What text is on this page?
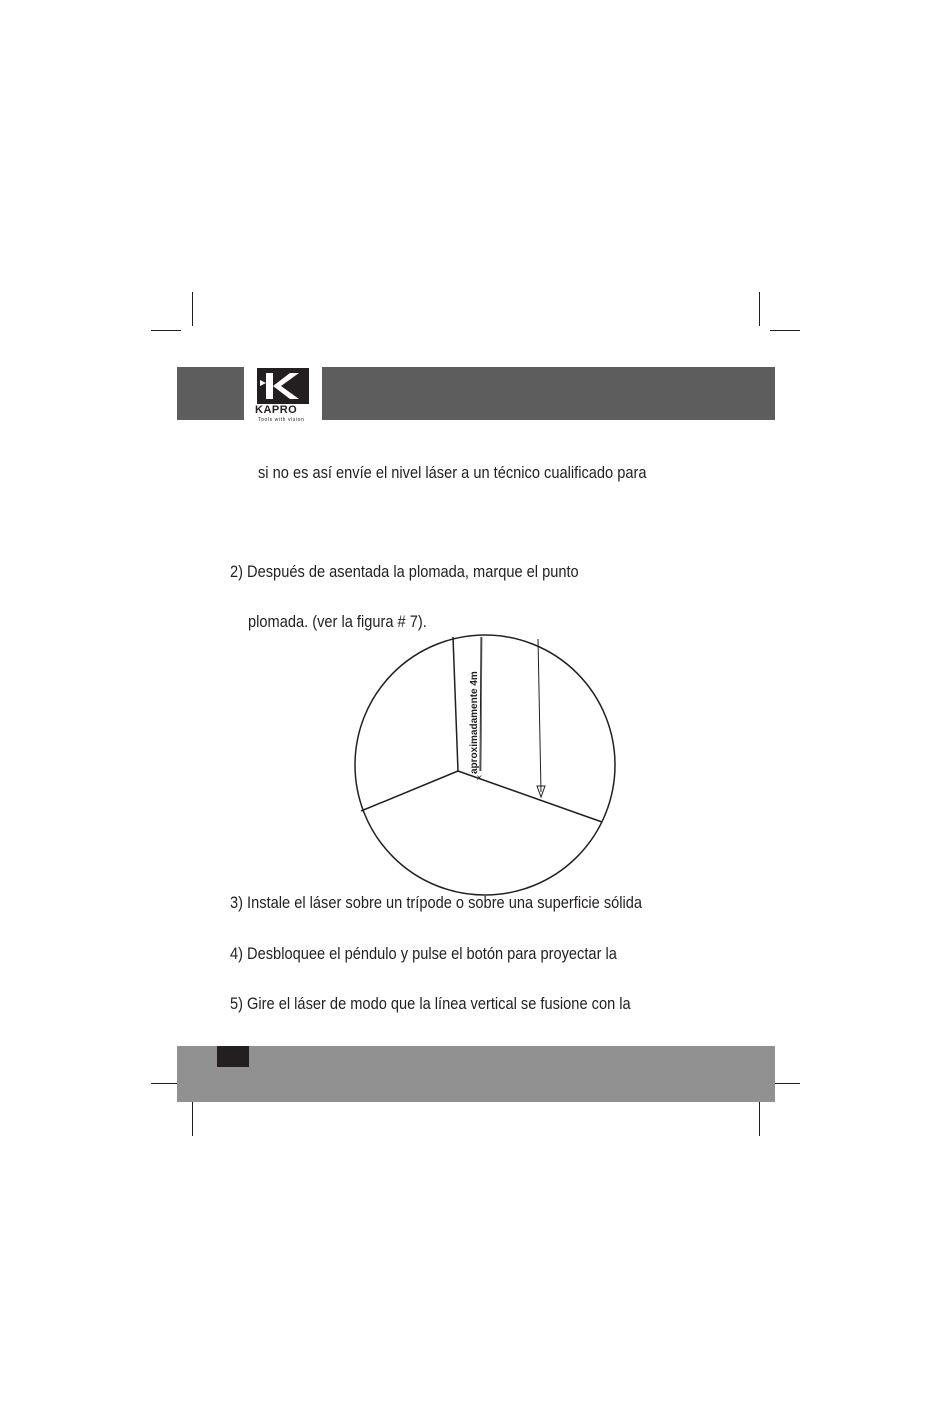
KAPRO
Tools with vision
si no es así envíe el nivel láser a un técnico cualificado para
2) Después de asentada la plomada, marque el punto
plomada. (ver la figura # 7).
aproximadamente 4m
×
3) Instale el láser sobre un trípode o sobre una superficie sólida
4) Desbloquee el péndulo y pulse el botón para proyectar la
5) Gire el láser de modo que la línea vertical se fusione con la
